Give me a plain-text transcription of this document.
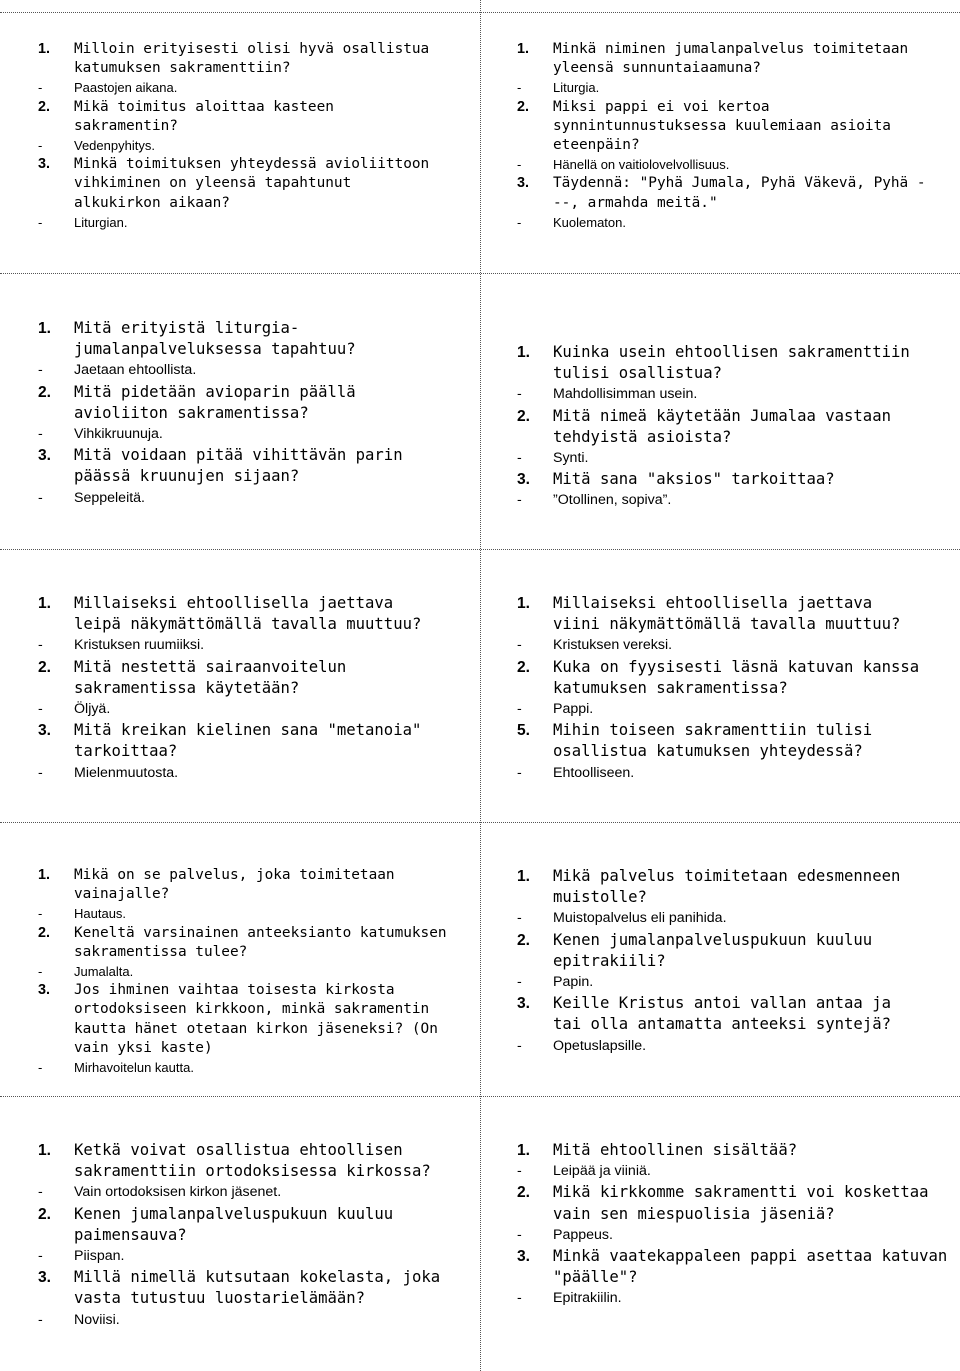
1.	Milloin erityisesti olisi hyvä osallistua katumuksen sakramenttiin?
-	Paastojen aikana.
2.	Mikä toimitus aloittaa kasteen sakramentin?
-	Vedenpyhitys.
3.	Minkä toimituksen yhteydessä avioliittoon vihkiminen on yleensä tapahtunut alkukirkon aikaan?
-	Liturgian.
1.	Minkä niminen jumalanpalvelus toimitetaan yleensä sunnuntaiaamuna?
-	Liturgia.
2.	Miksi pappi ei voi kertoa synnintunnustuksessa kuulemiaan asioita eteenpäin?
-	Hänellä on vaitiolovelvollisuus.
3.	Täydennä: "Pyhä Jumala, Pyhä Väkevä, Pyhä ---, armahda meitä."
-	Kuolematon.
1.	Mitä erityistä liturgia-jumalanpalveluksessa tapahtuu?
-	Jaetaan ehtoollista.
2.	Mitä pidetään avioparin päällä avioliiton sakramentissa?
-	Vihkikruunuja.
3.	Mitä voidaan pitää vihittävän parin päässä kruunujen sijaan?
-	Seppeleitä.
1.	Kuinka usein ehtoollisen sakramenttiin tulisi osallistua?
-	Mahdollisimman usein.
2.	Mitä nimeä käytetään Jumalaa vastaan tehdyistä asioista?
-	Synti.
3.	Mitä sana "aksios" tarkoittaa?
-	”Otollinen, sopiva”.
1.	Millaiseksi ehtoollisella jaettava leipä näkymättömällä tavalla muuttuu?
-	Kristuksen ruumiiksi.
2.	Mitä nestettä sairaanvoitelun sakramentissa käytetään?
-	Öljyä.
3.	Mitä kreikan kielinen sana "metanoia" tarkoittaa?
-	Mielenmuutosta.
1.	Millaiseksi ehtoollisella jaettava viini näkymättömällä tavalla muuttuu?
-	Kristuksen vereksi.
2.	Kuka on fyysisesti läsnä katuvan kanssa katumuksen sakramentissa?
-	Pappi.
5.	Mihin toiseen sakramenttiin tulisi osallistua katumuksen yhteydessä?
-	Ehtoolliseen.
1.	Mikä on se palvelus, joka toimitetaan vainajalle?
-	Hautaus.
2.	Keneltä varsinainen anteeksianto katumuksen sakramentissa tulee?
-	Jumalalta.
3.	Jos ihminen vaihtaa toisesta kirkosta ortodoksiseen kirkkoon, minkä sakramentin kautta hänet otetaan kirkon jäseneksi? (On vain yksi kaste)
-	Mirhavoitelun kautta.
1.	Mikä palvelus toimitetaan edesmenneen muistolle?
-	Muistopalvelus eli panihida.
2.	Kenen jumalanpalveluspukuun kuuluu epitrakiili?
-	Papin.
3.	Keille Kristus antoi vallan antaa ja tai olla antamatta anteeksi syntejä?
-	Opetuslapsille.
1.	Ketkä voivat osallistua ehtoollisen sakramenttiin ortodoksisessa kirkossa?
-	Vain ortodoksisen kirkon jäsenet.
2.	Kenen jumalanpalveluspukuun kuuluu paimensauva?
-	Piispan.
3.	Millä nimellä kutsutaan kokelasta, joka vasta tutustuu luostarielämään?
-	Noviisi.
1.	Mitä ehtoollinen sisältää?
-	Leipää ja viiniä.
2.	Mikä kirkkomme sakramentti voi koskettaa vain sen miespuolisia jäseniä?
-	Pappeus.
3.	Minkä vaatekappaleen pappi asettaa katuvan "päälle"?
-	Epitrakiilin.
